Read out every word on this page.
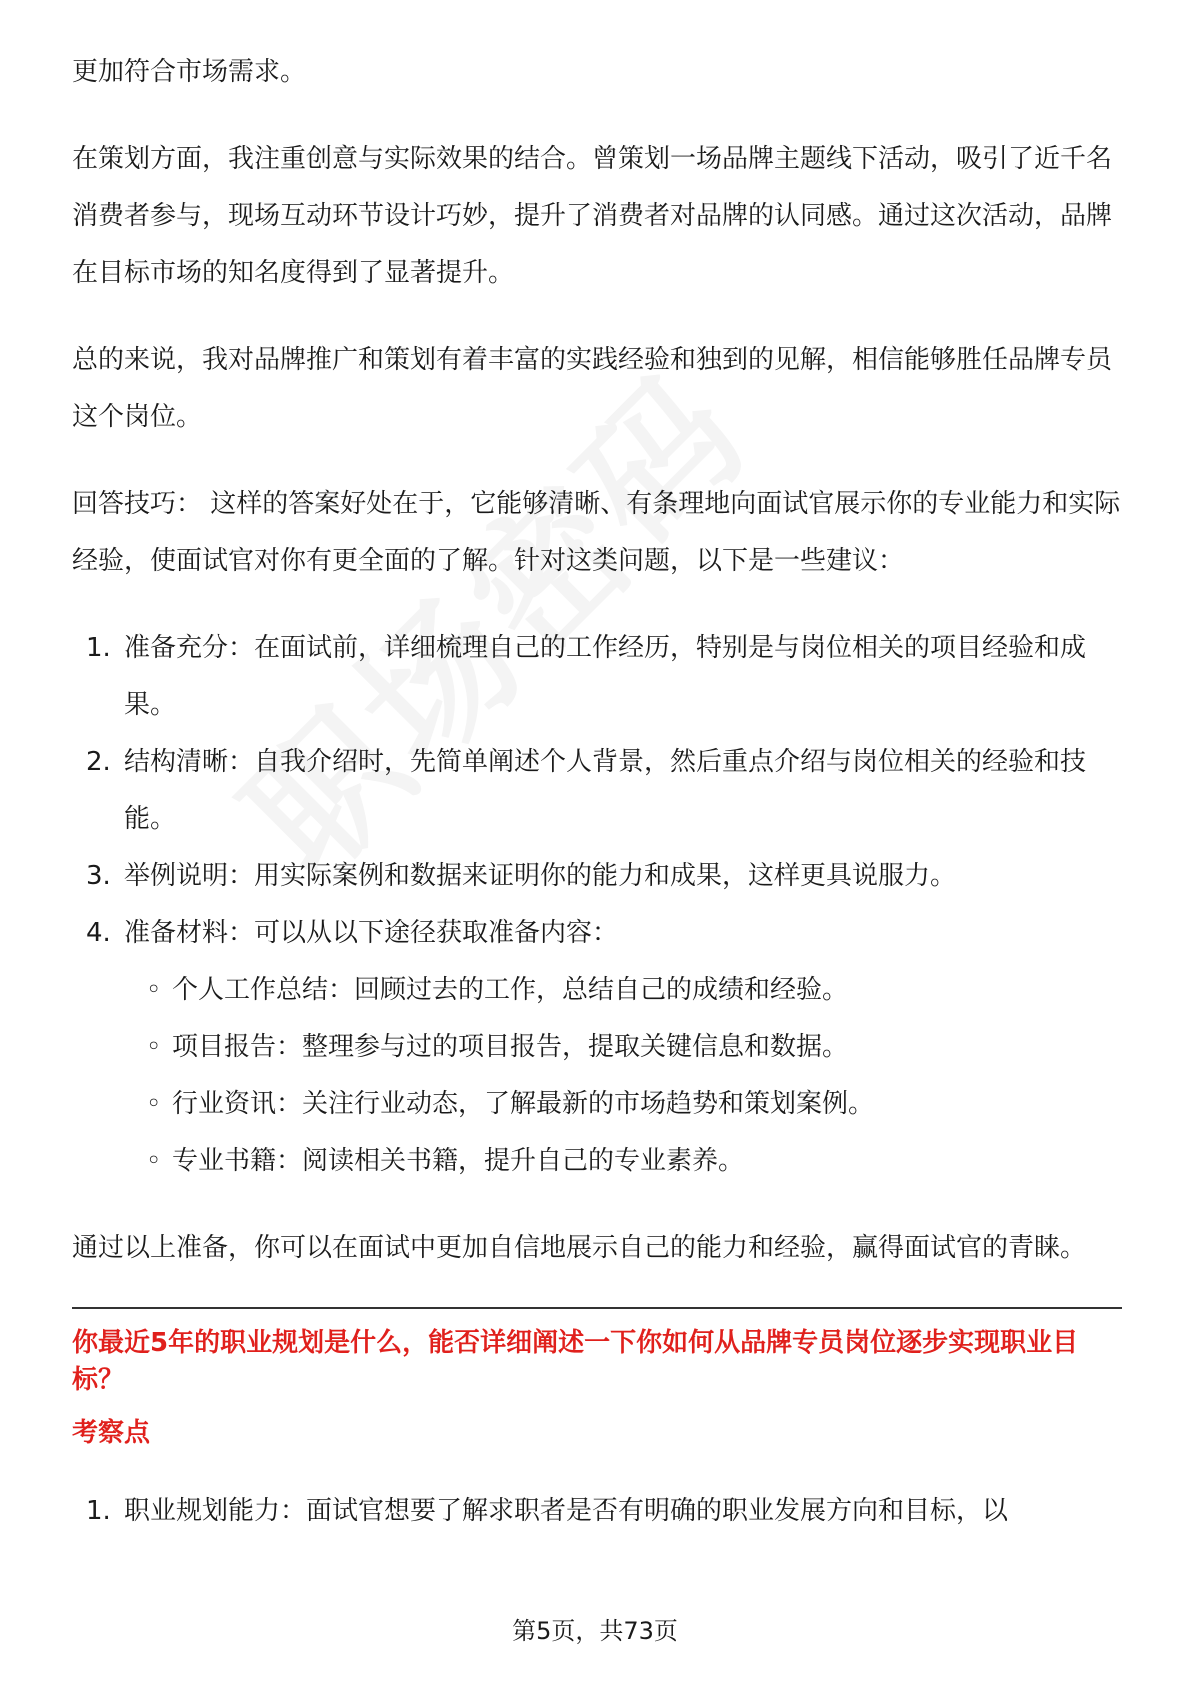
更加符合市场需求。

在策划方面，我注重创意与实际效果的结合。曾策划一场品牌主题线下活动，吸引了近千名消费者参与，现场互动环节设计巧妙，提升了消费者对品牌的认同感。通过这次活动，品牌在目标市场的知名度得到了显著提升。

总的来说，我对品牌推广和策划有着丰富的实践经验和独到的见解，相信能够胜任品牌专员这个岗位。

回答技巧： 这样的答案好处在于，它能够清晰、有条理地向面试官展示你的专业能力和实际经验，使面试官对你有更全面的了解。针对这类问题，以下是一些建议：

1. 准备充分：在面试前，详细梳理自己的工作经历，特别是与岗位相关的项目经验和成果。
2. 结构清晰：自我介绍时，先简单阐述个人背景，然后重点介绍与岗位相关的经验和技能。
3. 举例说明：用实际案例和数据来证明你的能力和成果，这样更具说服力。
4. 准备材料：可以从以下途径获取准备内容：
◦ 个人工作总结：回顾过去的工作，总结自己的成绩和经验。
◦ 项目报告：整理参与过的项目报告，提取关键信息和数据。
◦ 行业资讯：关注行业动态，了解最新的市场趋势和策划案例。
◦ 专业书籍：阅读相关书籍，提升自己的专业素养。

通过以上准备，你可以在面试中更加自信地展示自己的能力和经验，赢得面试官的青睐。

你最近5年的职业规划是什么，能否详细阐述一下你如何从品牌专员岗位逐步实现职业目标？
考察点
1. 职业规划能力：面试官想要了解求职者是否有明确的职业发展方向和目标，以
第5页，共73页
